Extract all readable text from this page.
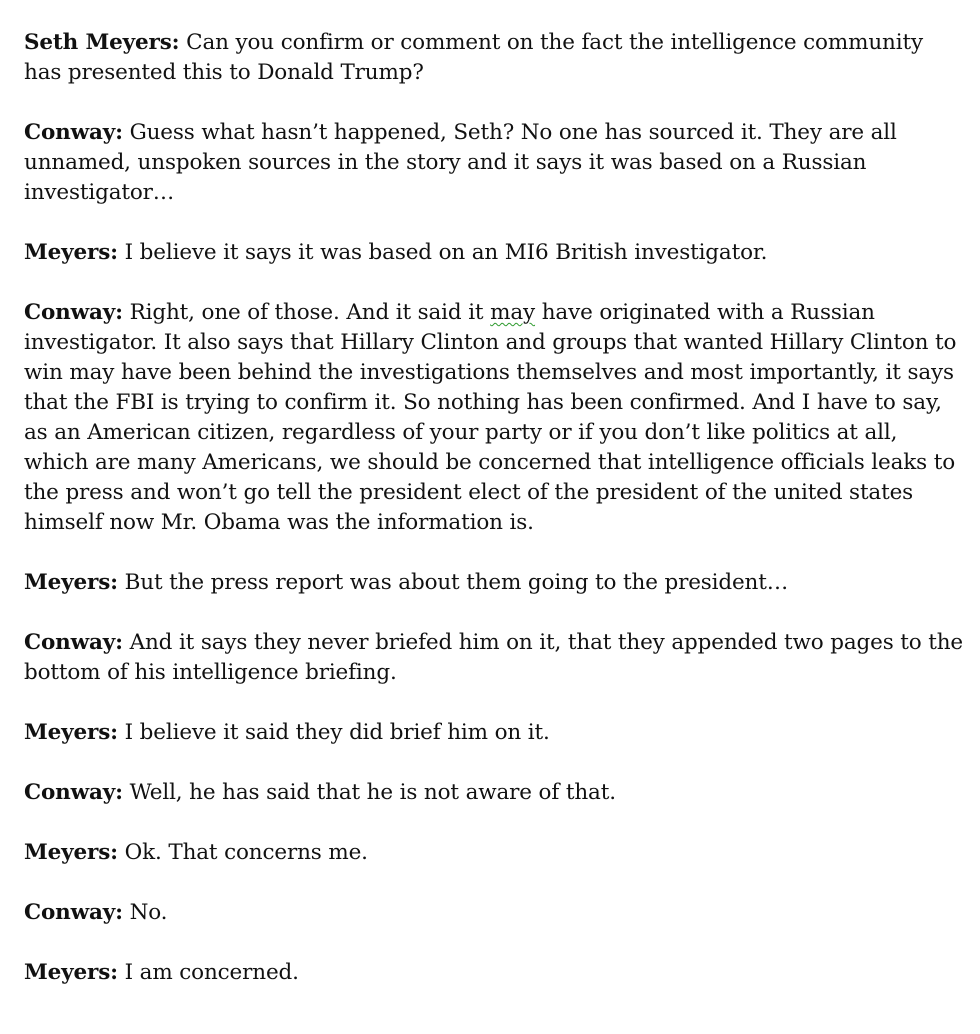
Seth Meyers: Can you confirm or comment on the fact the intelligence community has presented this to Donald Trump?

Conway: Guess what hasn’t happened, Seth? No one has sourced it. They are all unnamed, unspoken sources in the story and it says it was based on a Russian investigator…

Meyers: I believe it says it was based on an MI6 British investigator.

Conway: Right, one of those. And it said it may have originated with a Russian investigator. It also says that Hillary Clinton and groups that wanted Hillary Clinton to win may have been behind the investigations themselves and most importantly, it says that the FBI is trying to confirm it. So nothing has been confirmed. And I have to say, as an American citizen, regardless of your party or if you don’t like politics at all, which are many Americans, we should be concerned that intelligence officials leaks to the press and won’t go tell the president elect of the president of the united states himself now Mr. Obama was the information is.

Meyers: But the press report was about them going to the president…

Conway: And it says they never briefed him on it, that they appended two pages to the bottom of his intelligence briefing.

Meyers: I believe it said they did brief him on it.

Conway: Well, he has said that he is not aware of that.

Meyers: Ok. That concerns me.

Conway: No.

Meyers: I am concerned.
